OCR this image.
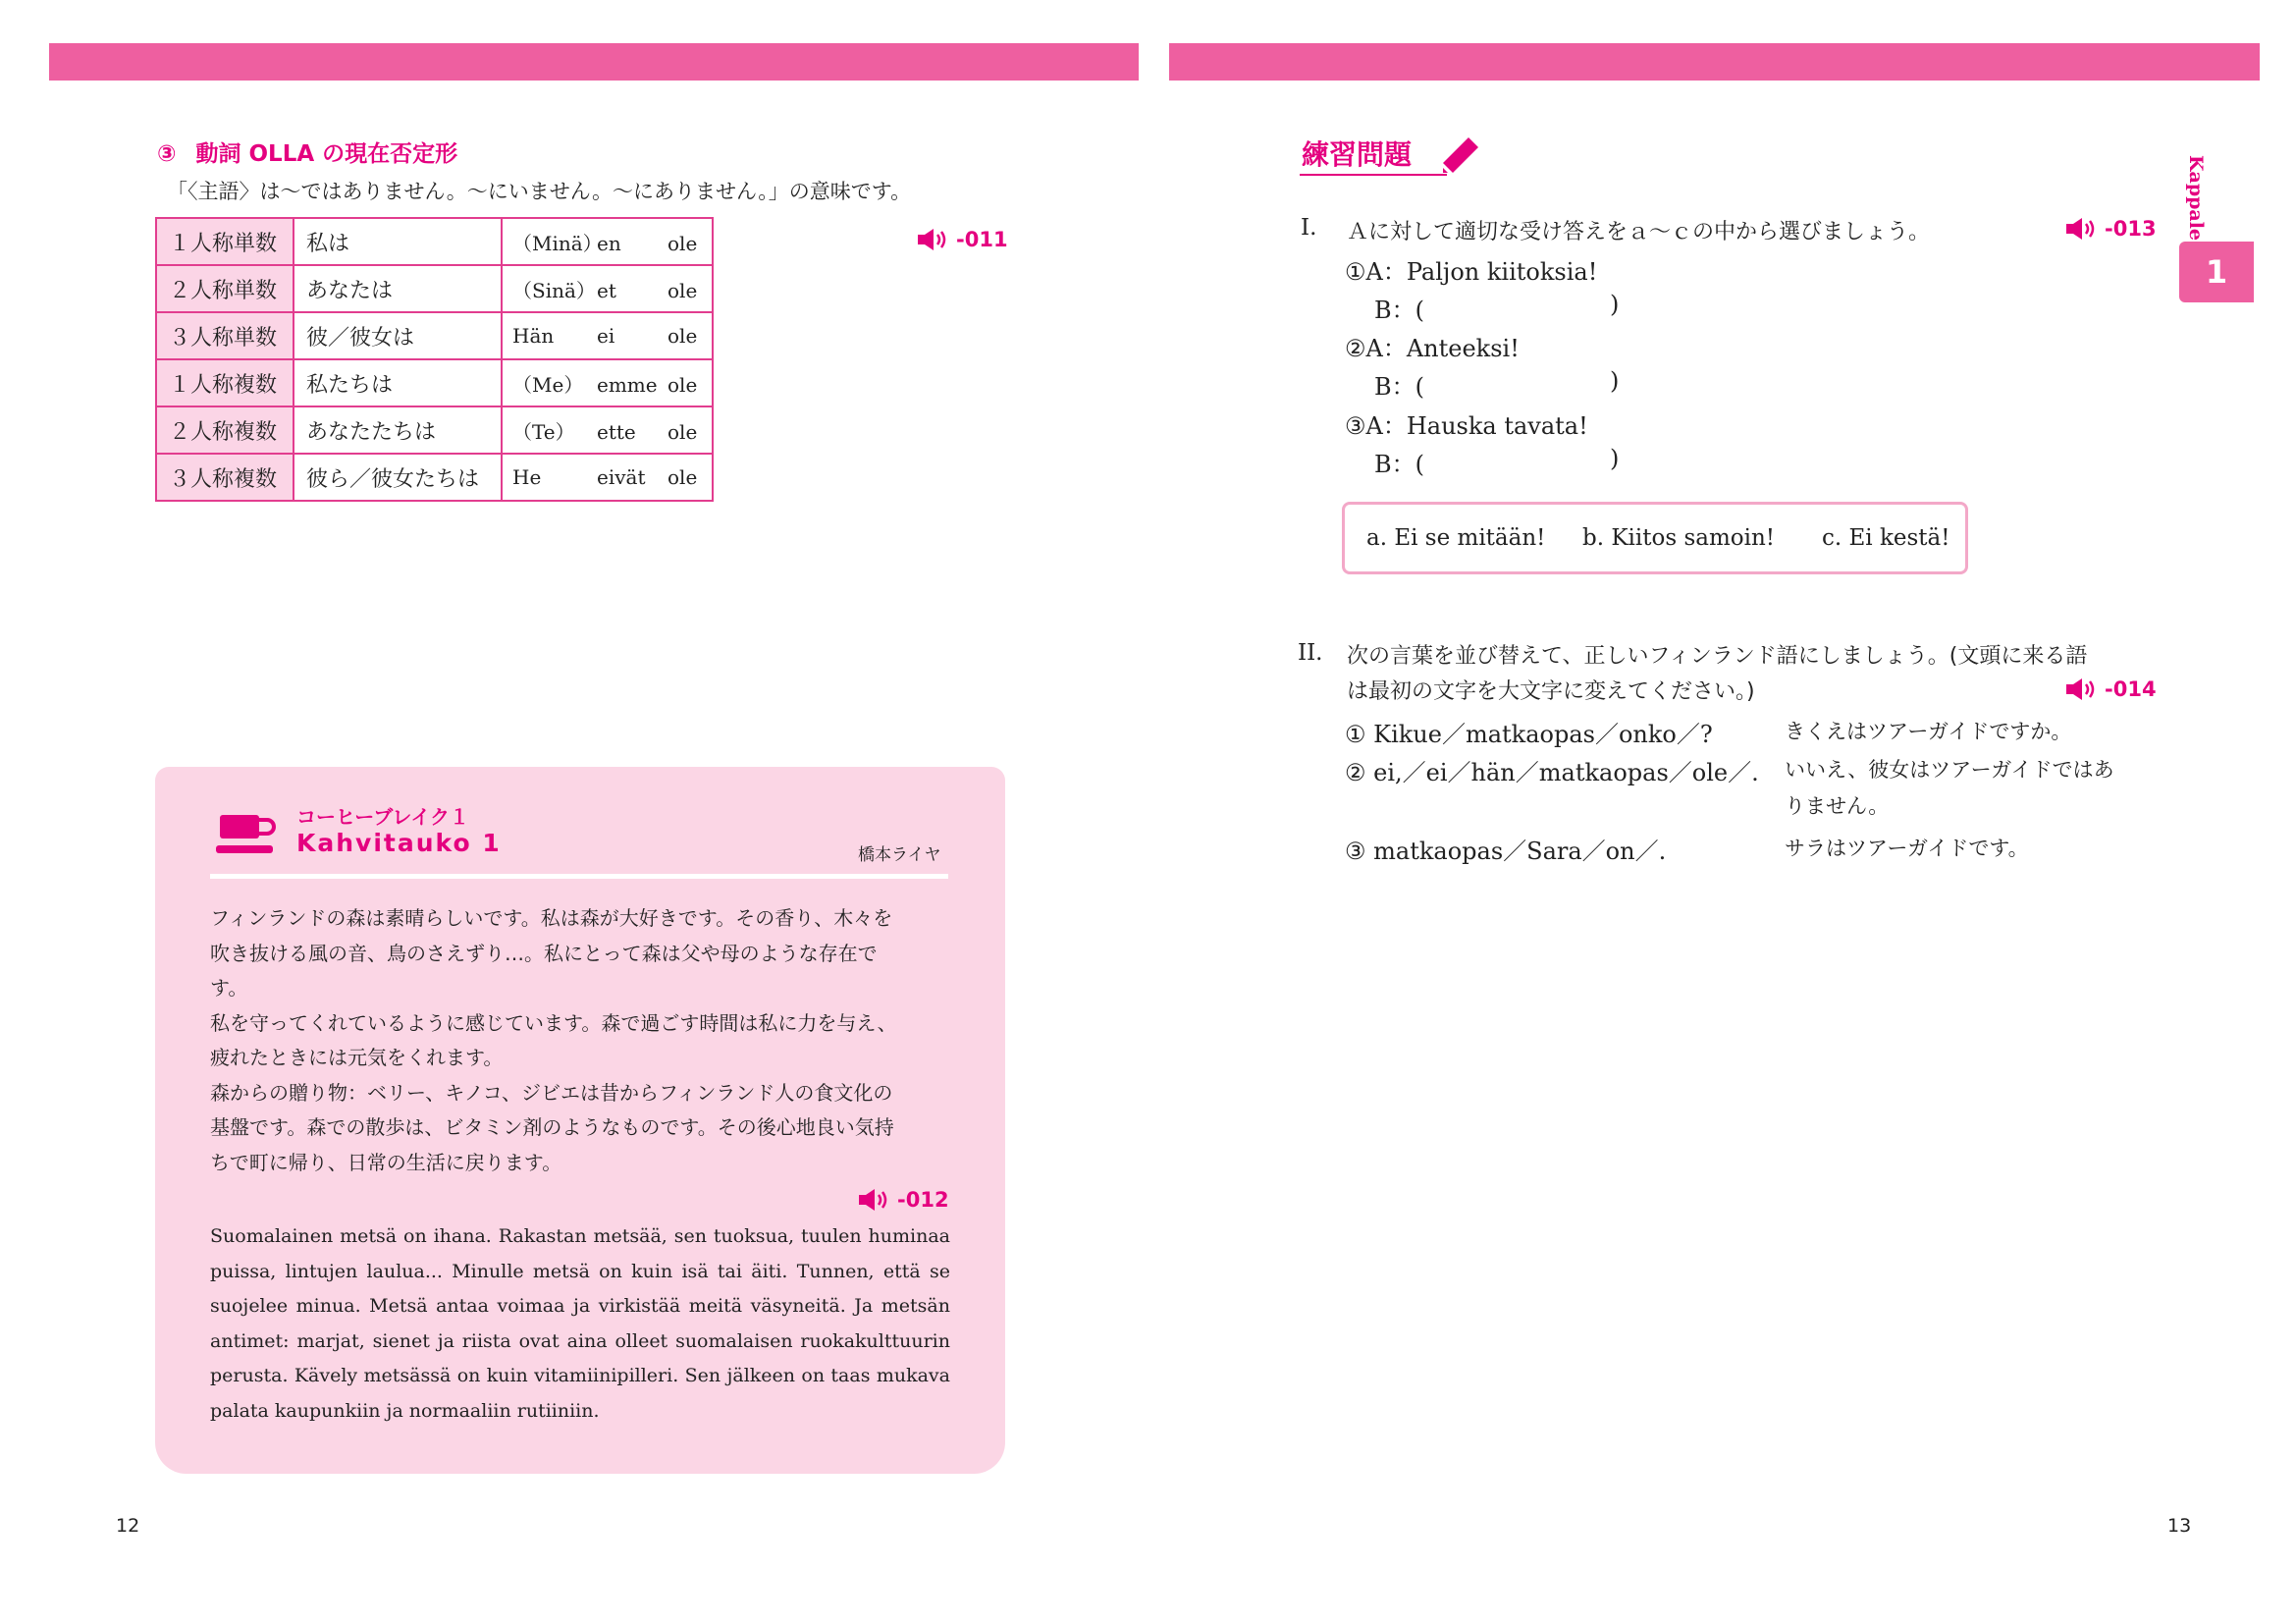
③ 動詞 OLLA の現在否定形
「〈主語〉は～ではありません。～にいません。～にありません。」の意味です。
１人称単数	私は	（Minä）en ole
２人称単数	あなたは	（Sinä）et ole
３人称単数	彼／彼女は	Hän ei ole
１人称複数	私たちは	（Me） emme ole
２人称複数	あなたたちは	（Te） ette ole
３人称複数	彼ら／彼女たちは	He eivät ole
-011
コーヒーブレイク１
Kahvitauko 1	橋本ライヤ
フィンランドの森は素晴らしいです。私は森が大好きです。その香り、木々を
吹き抜ける風の音、鳥のさえずり…。私にとって森は父や母のような存在で
す。
私を守ってくれているように感じています。森で過ごす時間は私に力を与え、
疲れたときには元気をくれます。
森からの贈り物：ベリー、キノコ、ジビエは昔からフィンランド人の食文化の
基盤です。森での散歩は、ビタミン剤のようなものです。その後心地良い気持
ちで町に帰り、日常の生活に戻ります。
-012
Suomalainen metsä on ihana. Rakastan metsää, sen tuoksua, tuulen huminaa puissa, lintujen laulua... Minulle metsä on kuin isä tai äiti. Tunnen, että se suojelee minua. Metsä antaa voimaa ja virkistää meitä väsyneitä. Ja metsän antimet: marjat, sienet ja riista ovat aina olleet suomalaisen ruokakulttuurin perusta. Kävely metsässä on kuin vitamiinipilleri. Sen jälkeen on taas mukava palata kaupunkiin ja normaaliin rutiiniin.
12
練習問題
Kappale
1
I. Ａに対して適切な受け答えをａ～ｃの中から選びましょう。	-013
①A：Paljon kiitoksia!
B：(	)
②A：Anteeksi!
B：(	)
③A：Hauska tavata!
B：(	)
a. Ei se mitään! b. Kiitos samoin! c. Ei kestä!
II. 次の言葉を並び替えて、正しいフィンランド語にしましょう。(文頭に来る語
は最初の文字を大文字に変えてください。)	-014
① Kikue／matkaopas／onko／?	きくえはツアーガイドですか。
② ei,／ei／hän／matkaopas／ole／. いいえ、彼女はツアーガイドではあ
りません。
③ matkaopas／Sara／on／.	サラはツアーガイドです。
13
